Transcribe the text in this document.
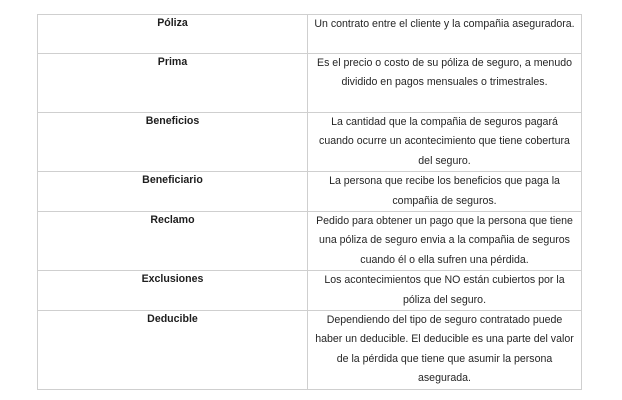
Póliza	Un contrato entre el cliente y la compañia aseguradora.
Prima	Es el precio o costo de su póliza de seguro, a menudo dividido en pagos mensuales o trimestrales.
Beneficios	La cantidad que la compañia de seguros pagará cuando ocurre un acontecimiento que tiene cobertura del seguro.
Beneficiario	La persona que recibe los beneficios que paga la compañia de seguros.
Reclamo	Pedido para obtener un pago que la persona que tiene una póliza de seguro envia a la compañia de seguros cuando él o ella sufren una pérdida.
Exclusiones	Los acontecimientos que NO están cubiertos por la póliza del seguro.
Deducible	Dependiendo del tipo de seguro contratado puede haber un deducible. El deducible es una parte del valor de la pérdida que tiene que asumir la persona asegurada.
